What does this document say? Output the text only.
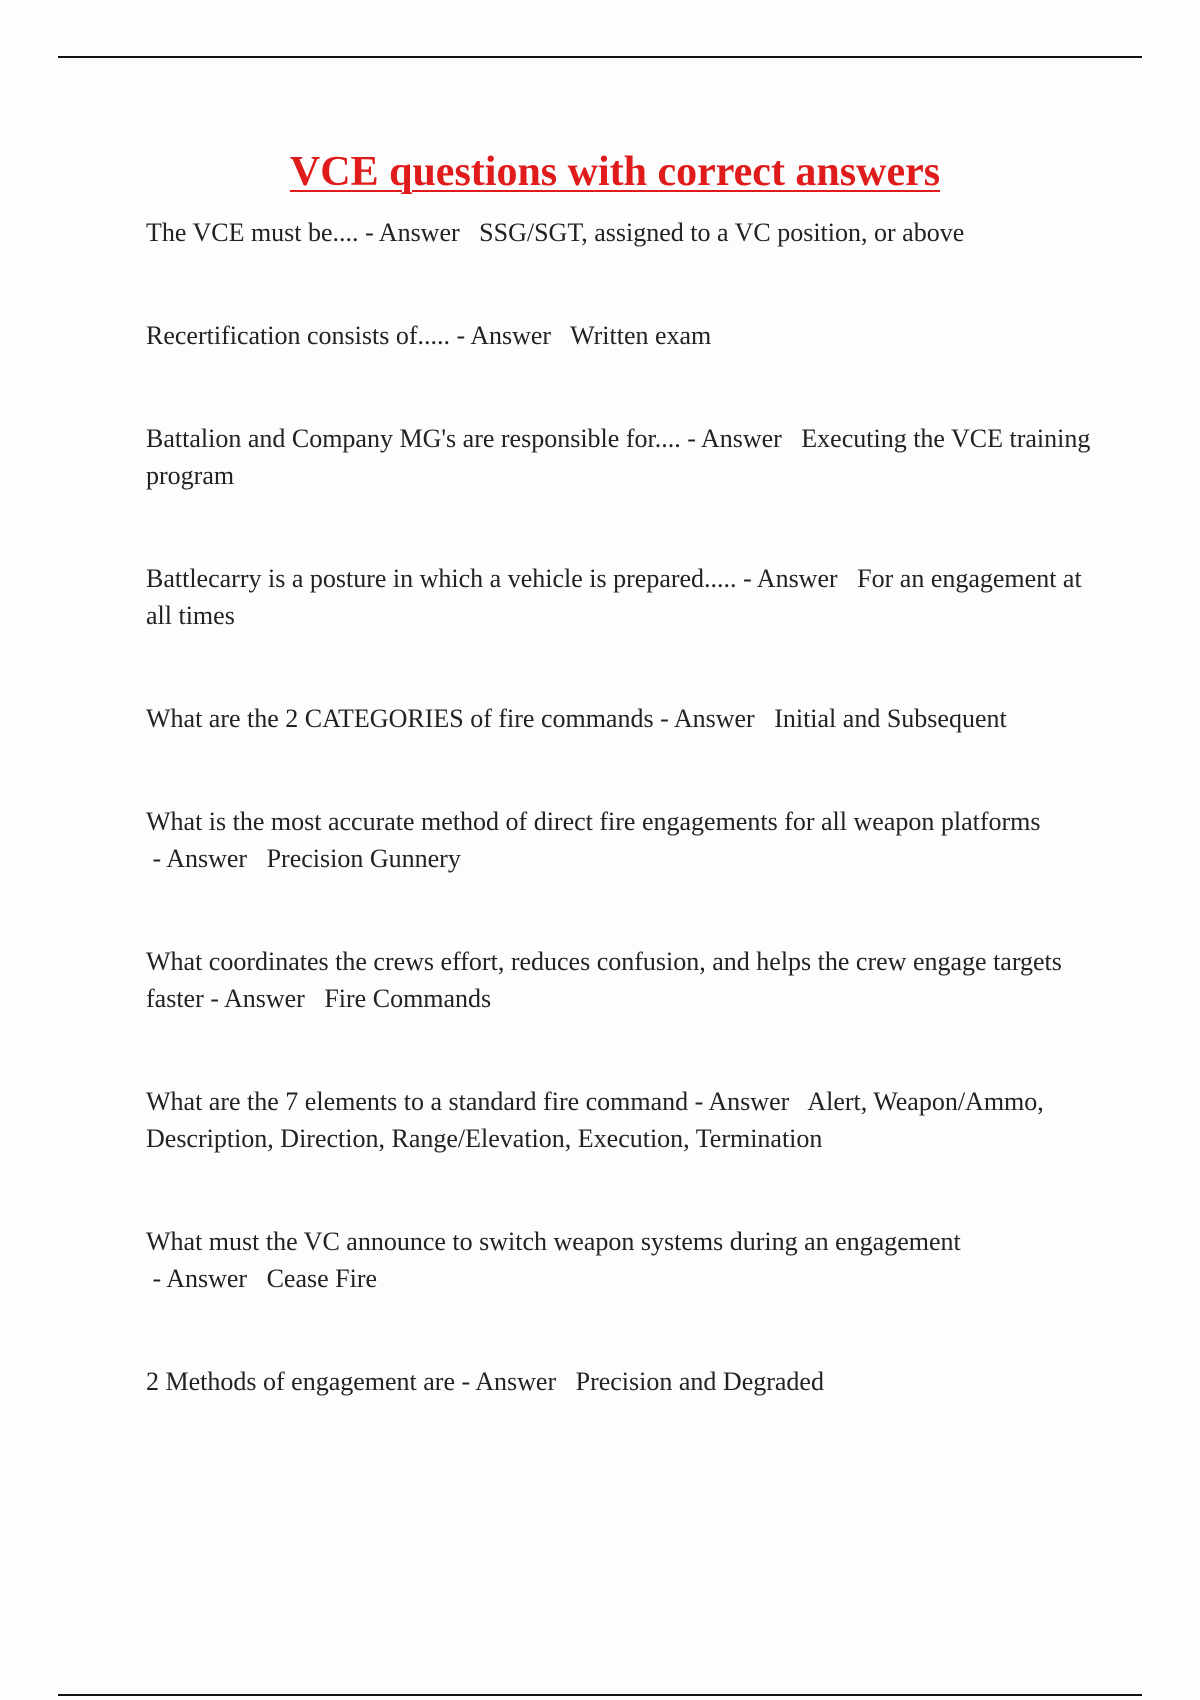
VCE questions with correct answers
The VCE must be.... - Answer   SSG/SGT, assigned to a VC position, or above
Recertification consists of..... - Answer   Written exam
Battalion and Company MG's are responsible for.... - Answer   Executing the VCE training program
Battlecarry is a posture in which a vehicle is prepared..... - Answer   For an engagement at all times
What are the 2 CATEGORIES of fire commands - Answer   Initial and Subsequent
What is the most accurate method of direct fire engagements for all weapon platforms - Answer   Precision Gunnery
What coordinates the crews effort, reduces confusion, and helps the crew engage targets faster - Answer   Fire Commands
What are the 7 elements to a standard fire command - Answer   Alert, Weapon/Ammo, Description, Direction, Range/Elevation, Execution, Termination
What must the VC announce to switch weapon systems during an engagement - Answer   Cease Fire
2 Methods of engagement are - Answer   Precision and Degraded
